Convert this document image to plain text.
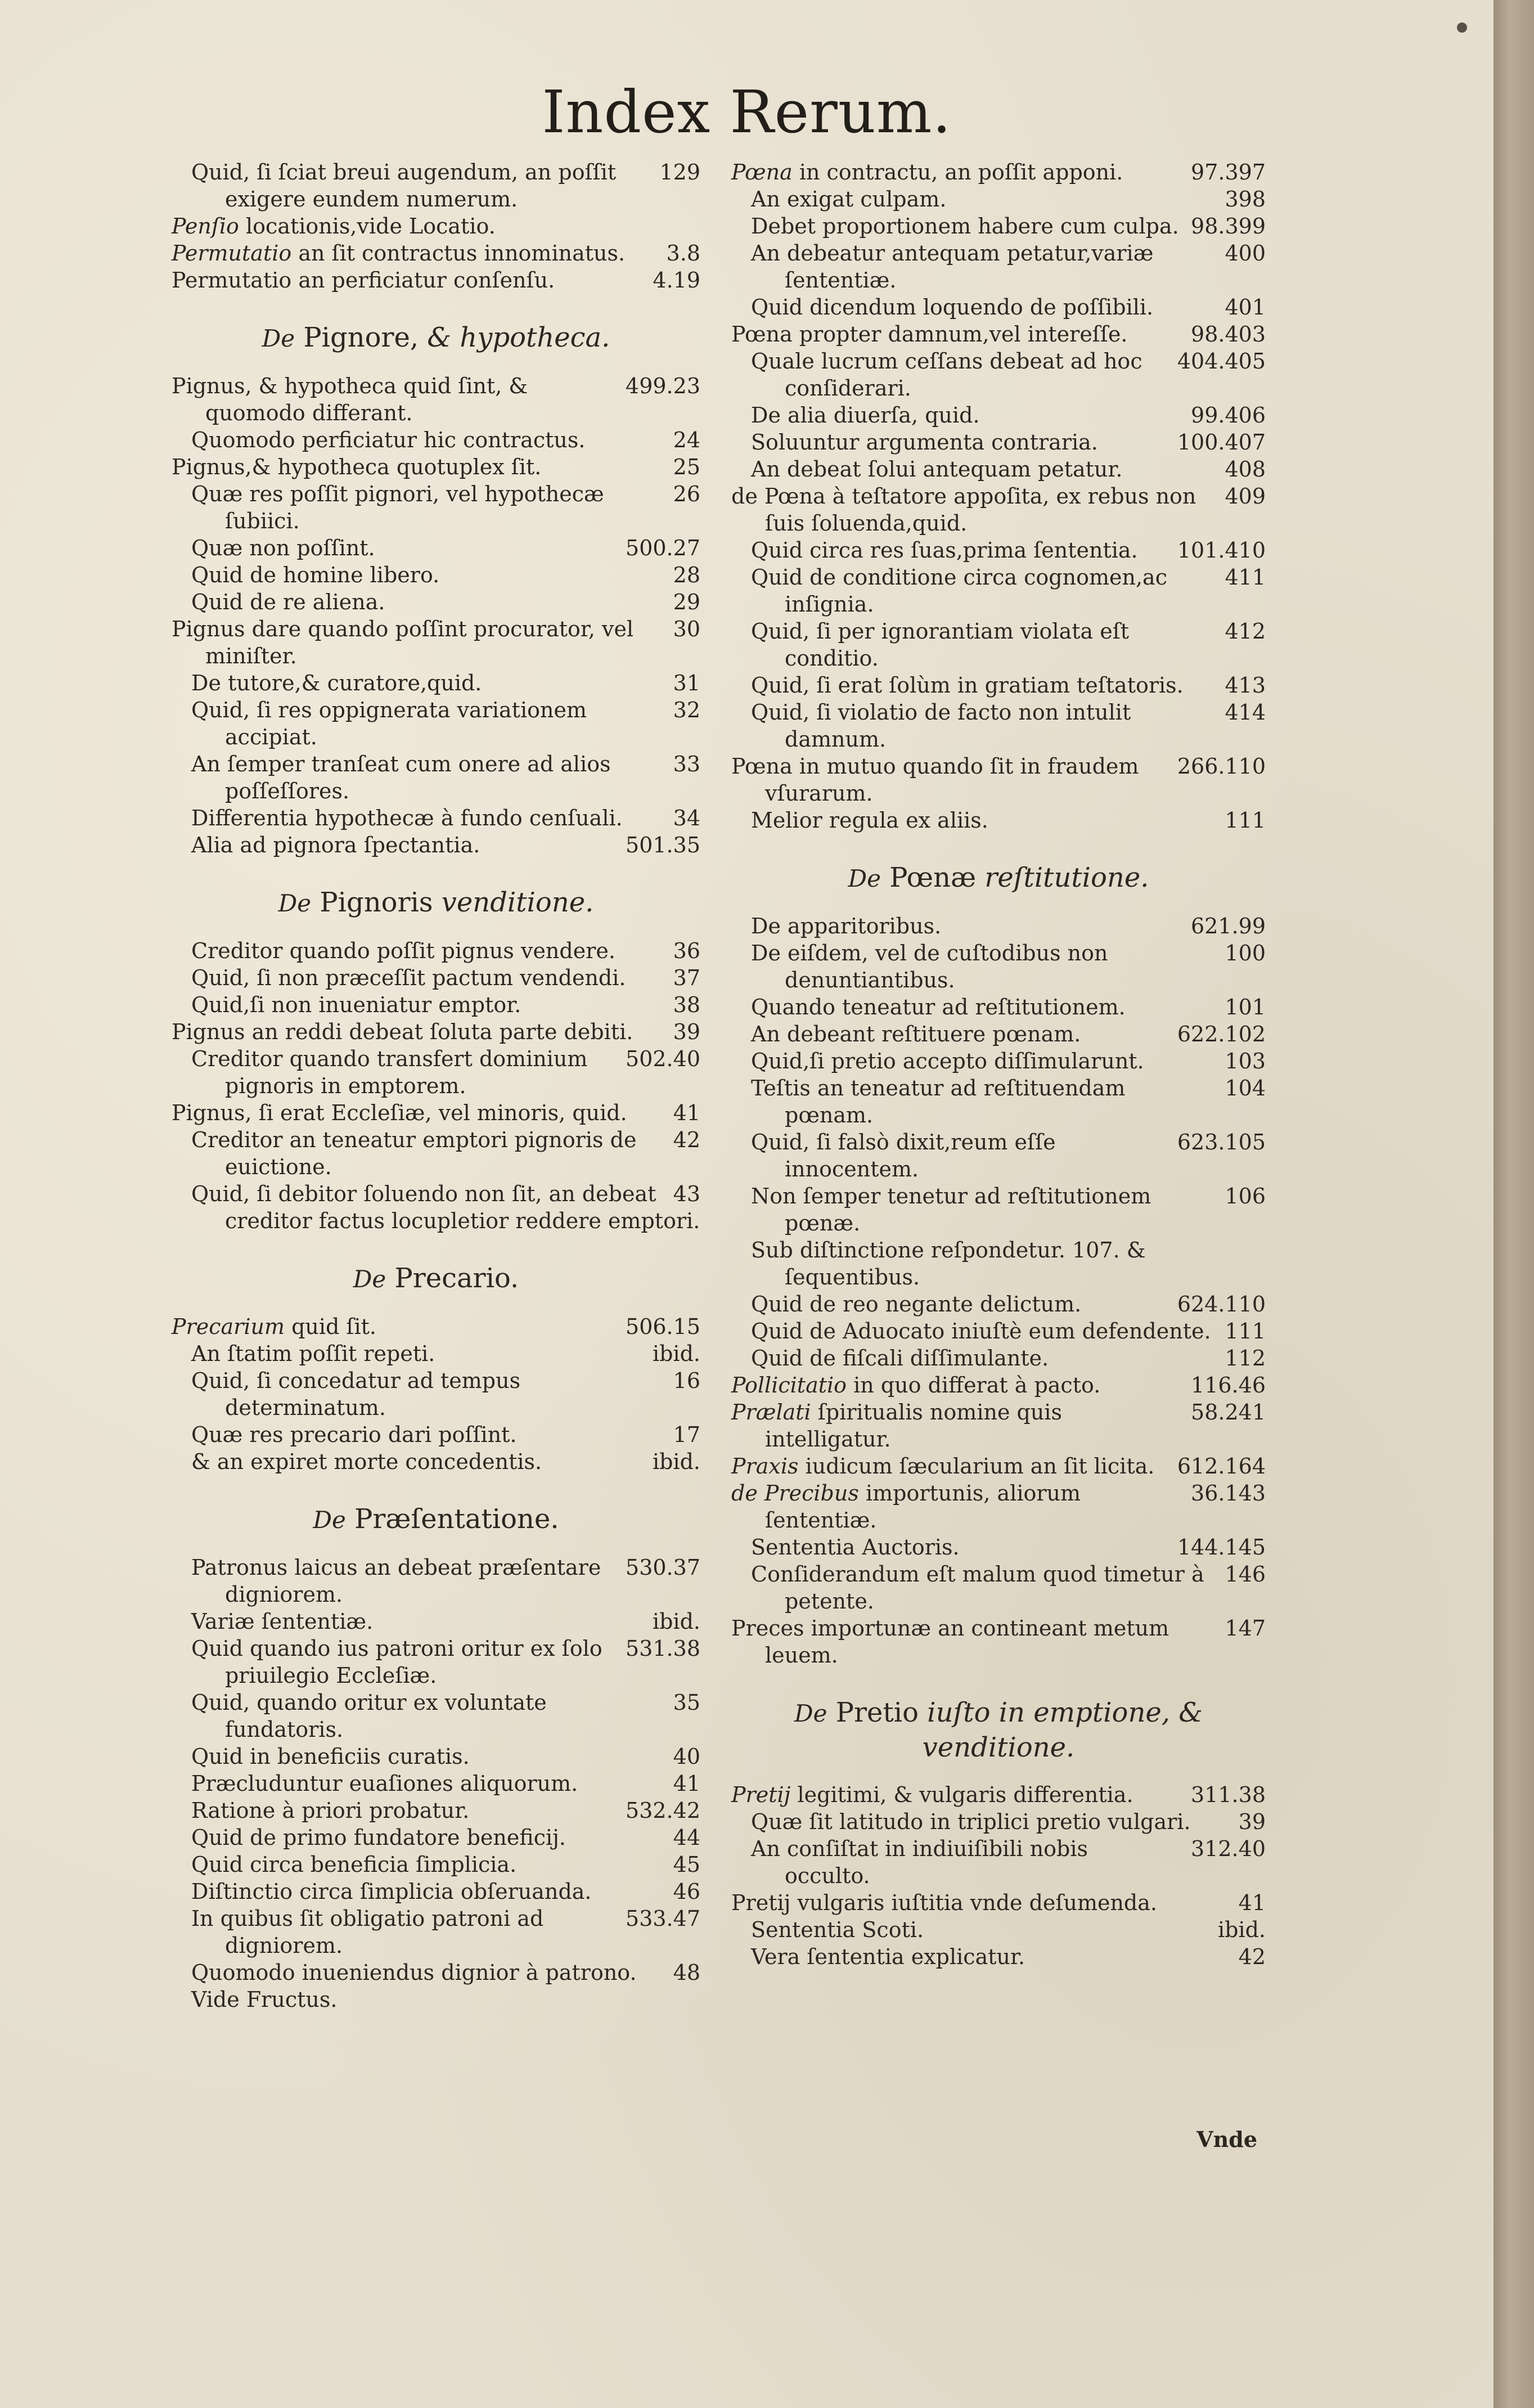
Index Rerum.
129
Quid, ſi ſciat breui augendum, an poſſit exigere eundem numerum.
Penſio locationis,vide Locatio.
3.8
Permutatio an ſit contractus innominatus.
4.19
Permutatio an perficiatur conſenſu.
De Pignore, & hypotheca.
499.23
Pignus, & hypotheca quid ſint, & quomodo differant.
24
Quomodo perficiatur hic contractus.
25
Pignus,& hypotheca quotuplex ſit.
26
Quæ res poſſit pignori, vel hypothecæ ſubiici.
500.27
Quæ non poſſint.
28
Quid de homine libero.
29
Quid de re aliena.
30
Pignus dare quando poſſint procurator, vel miniſter.
31
De tutore,& curatore,quid.
32
Quid, ſi res oppignerata variationem accipiat.
33
An ſemper tranſeat cum onere ad alios poſſeſſores.
34
Differentia hypothecæ à fundo cenſuali.
501.35
Alia ad pignora ſpectantia.
De Pignoris venditione.
36
Creditor quando poſſit pignus vendere.
37
Quid, ſi non præceſſit pactum vendendi.
38
Quid,ſi non inueniatur emptor.
39
Pignus an reddi debeat ſoluta parte debiti.
502.40
Creditor quando transfert dominium pignoris in emptorem.
41
Pignus, ſi erat Eccleſiæ, vel minoris, quid.
42
Creditor an teneatur emptori pignoris de euictione.
43
Quid, ſi debitor ſoluendo non ſit, an debeat creditor factus locupletior reddere emptori.
De Precario.
506.15
Precarium quid ſit.
ibid.
An ſtatim poſſit repeti.
16
Quid, ſi concedatur ad tempus determinatum.
17
Quæ res precario dari poſſint.
ibid.
& an expiret morte concedentis.
De Præſentatione.
530.37
Patronus laicus an debeat præſentare digniorem.
ibid.
Variæ ſententiæ.
531.38
Quid quando ius patroni oritur ex ſolo priuilegio Eccleſiæ.
35
Quid, quando oritur ex voluntate fundatoris.
40
Quid in beneficiis curatis.
41
Præcluduntur euaſiones aliquorum.
532.42
Ratione à priori probatur.
44
Quid de primo fundatore beneficij.
45
Quid circa beneficia ſimplicia.
46
Diſtinctio circa ſimplicia obſeruanda.
533.47
In quibus ſit obligatio patroni ad digniorem.
48
Quomodo inueniendus dignior à patrono.
Vide Fructus.
97.397
Pœna in contractu, an poſſit apponi.
398
An exigat culpam.
98.399
Debet proportionem habere cum culpa.
400
An debeatur antequam petatur,variæ ſententiæ.
401
Quid dicendum loquendo de poſſibili.
98.403
Pœna propter damnum,vel intereſſe.
404.405
Quale lucrum ceſſans debeat ad hoc conſiderari.
99.406
De alia diuerſa, quid.
100.407
Soluuntur argumenta contraria.
408
An debeat ſolui antequam petatur.
409
de Pœna à teſtatore appoſita, ex rebus non ſuis ſoluenda,quid.
101.410
Quid circa res ſuas,prima ſententia.
411
Quid de conditione circa cognomen,ac inſignia.
412
Quid, ſi per ignorantiam violata eſt conditio.
413
Quid, ſi erat ſolùm in gratiam teſtatoris.
414
Quid, ſi violatio de facto non intulit damnum.
266.110
Pœna in mutuo quando ſit in fraudem vſurarum.
111
Melior regula ex aliis.
De Pœnæ reſtitutione.
621.99
De apparitoribus.
100
De eiſdem, vel de cuſtodibus non denuntiantibus.
101
Quando teneatur ad reſtitutionem.
622.102
An debeant reſtituere pœnam.
103
Quid,ſi pretio accepto diſſimularunt.
104
Teſtis an teneatur ad reſtituendam pœnam.
623.105
Quid, ſi falsò dixit,reum eſſe innocentem.
106
Non ſemper tenetur ad reſtitutionem pœnæ.
Sub diſtinctione reſpondetur. 107. & ſequentibus.
624.110
Quid de reo negante delictum.
111
Quid de Aduocato iniuſtè eum defendente.
112
Quid de fiſcali diſſimulante.
116.46
Pollicitatio in quo differat à pacto.
58.241
Prælati ſpiritualis nomine quis intelligatur.
612.164
Praxis iudicum ſæcularium an ſit licita.
36.143
de Precibus importunis, aliorum ſententiæ.
144.145
Sententia Auctoris.
146
Conſiderandum eſt malum quod timetur à petente.
147
Preces importunæ an contineant metum leuem.
De Pretio iuſto in emptione, & venditione.
311.38
Pretij legitimi, & vulgaris differentia.
39
Quæ ſit latitudo in triplici pretio vulgari.
312.40
An conſiſtat in indiuiſibili nobis occulto.
41
Pretij vulgaris iuſtitia vnde deſumenda.
ibid.
Sententia Scoti.
42
Vera ſententia explicatur.
Vnde
